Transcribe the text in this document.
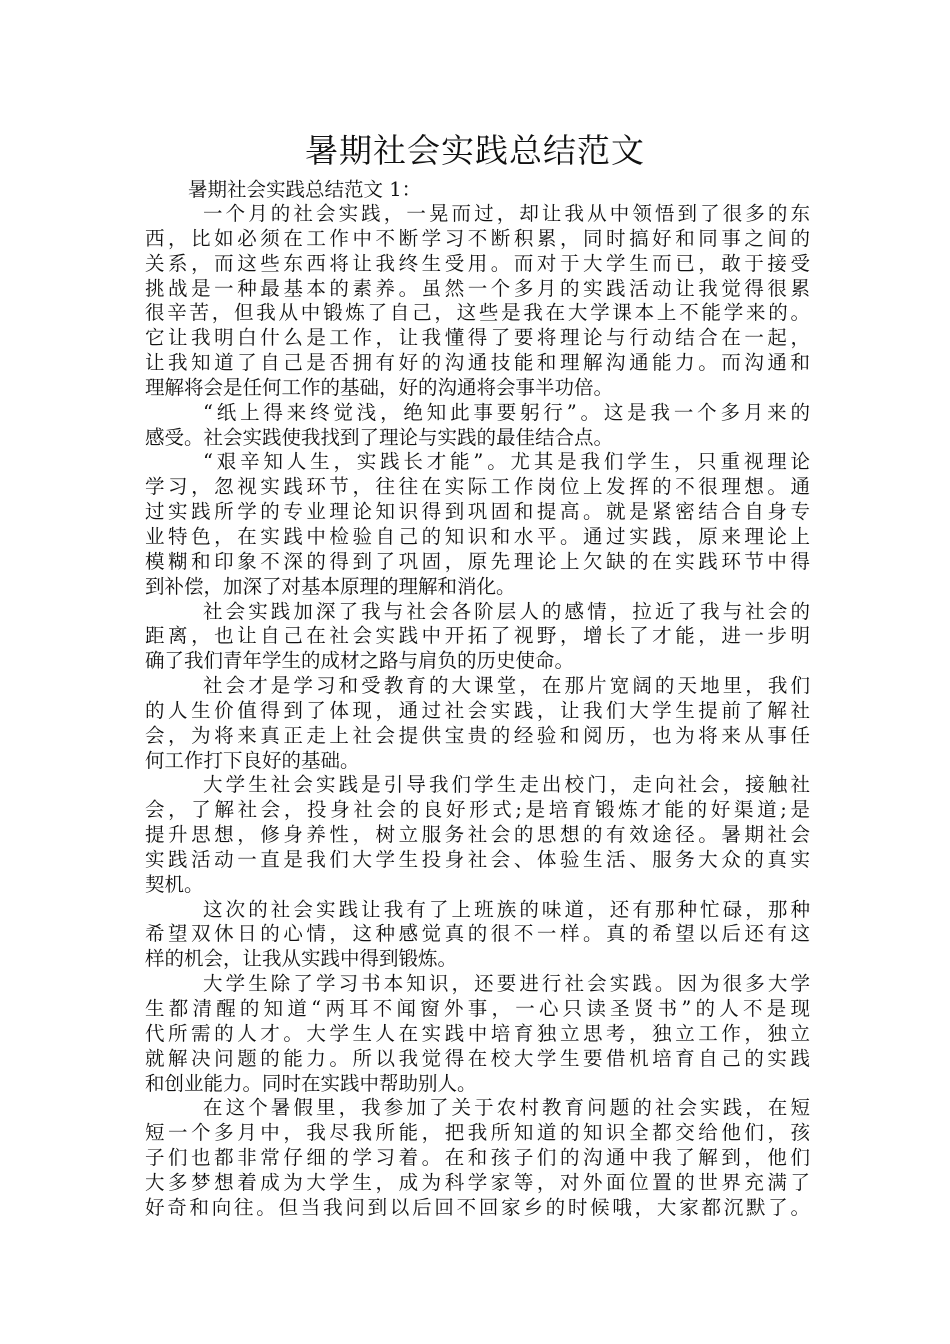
暑期社会实践总结范文

暑期社会实践总结范文 1：

一个月的社会实践，一晃而过，却让我从中领悟到了很多的东
西，比如必须在工作中不断学习不断积累，同时搞好和同事之间的
关系，而这些东西将让我终生受用。而对于大学生而已，敢于接受
挑战是一种最基本的素养。虽然一个多月的实践活动让我觉得很累
很辛苦，但我从中锻炼了自己，这些是我在大学课本上不能学来的。
它让我明白什么是工作，让我懂得了要将理论与行动结合在一起，
让我知道了自己是否拥有好的沟通技能和理解沟通能力。而沟通和
理解将会是任何工作的基础，好的沟通将会事半功倍。
“纸上得来终觉浅，绝知此事要躬行”。这是我一个多月来的
感受。社会实践使我找到了理论与实践的最佳结合点。
“艰辛知人生，实践长才能”。尤其是我们学生，只重视理论
学习，忽视实践环节，往往在实际工作岗位上发挥的不很理想。通
过实践所学的专业理论知识得到巩固和提高。就是紧密结合自身专
业特色，在实践中检验自己的知识和水平。通过实践，原来理论上
模糊和印象不深的得到了巩固，原先理论上欠缺的在实践环节中得
到补偿，加深了对基本原理的理解和消化。
社会实践加深了我与社会各阶层人的感情，拉近了我与社会的
距离，也让自己在社会实践中开拓了视野，增长了才能，进一步明
确了我们青年学生的成材之路与肩负的历史使命。
社会才是学习和受教育的大课堂，在那片宽阔的天地里，我们
的人生价值得到了体现，通过社会实践，让我们大学生提前了解社
会，为将来真正走上社会提供宝贵的经验和阅历，也为将来从事任
何工作打下良好的基础。
大学生社会实践是引导我们学生走出校门，走向社会，接触社
会，了解社会，投身社会的良好形式;是培育锻炼才能的好渠道;是
提升思想，修身养性，树立服务社会的思想的有效途径。暑期社会
实践活动一直是我们大学生投身社会、体验生活、服务大众的真实
契机。
这次的社会实践让我有了上班族的味道，还有那种忙碌，那种
希望双休日的心情，这种感觉真的很不一样。真的希望以后还有这
样的机会，让我从实践中得到锻炼。
大学生除了学习书本知识，还要进行社会实践。因为很多大学
生都清醒的知道“两耳不闻窗外事，一心只读圣贤书”的人不是现
代所需的人才。大学生人在实践中培育独立思考，独立工作，独立
就解决问题的能力。所以我觉得在校大学生要借机培育自己的实践
和创业能力。同时在实践中帮助别人。
在这个暑假里，我参加了关于农村教育问题的社会实践，在短
短一个多月中，我尽我所能，把我所知道的知识全都交给他们，孩
子们也都非常仔细的学习着。在和孩子们的沟通中我了解到，他们
大多梦想着成为大学生，成为科学家等，对外面位置的世界充满了
好奇和向往。但当我问到以后回不回家乡的时候哦，大家都沉默了。
